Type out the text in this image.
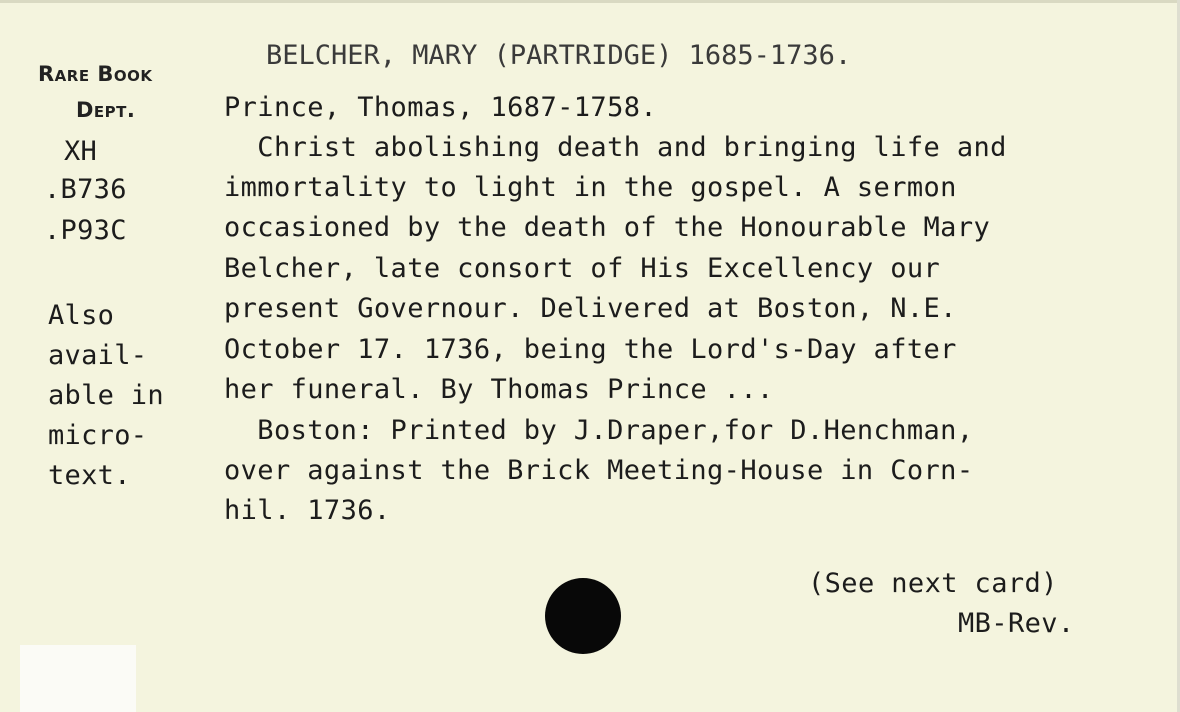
Rare Book
Dept.
XH
.B736
.P93C
Also
avail-
able in
micro-
text.
BELCHER, MARY (PARTRIDGE) 1685-1736.
Prince, Thomas, 1687-1758.
Christ abolishing death and bringing life and
immortality to light in the gospel. A sermon
occasioned by the death of the Honourable Mary
Belcher, late consort of His Excellency our
present Governour. Delivered at Boston, N.E.
October 17. 1736, being the Lord's-Day after
her funeral. By Thomas Prince ...
Boston: Printed by J.Draper,for D.Henchman,
over against the Brick Meeting-House in Corn-
hil. 1736.
(See next card)
MB-Rev.
